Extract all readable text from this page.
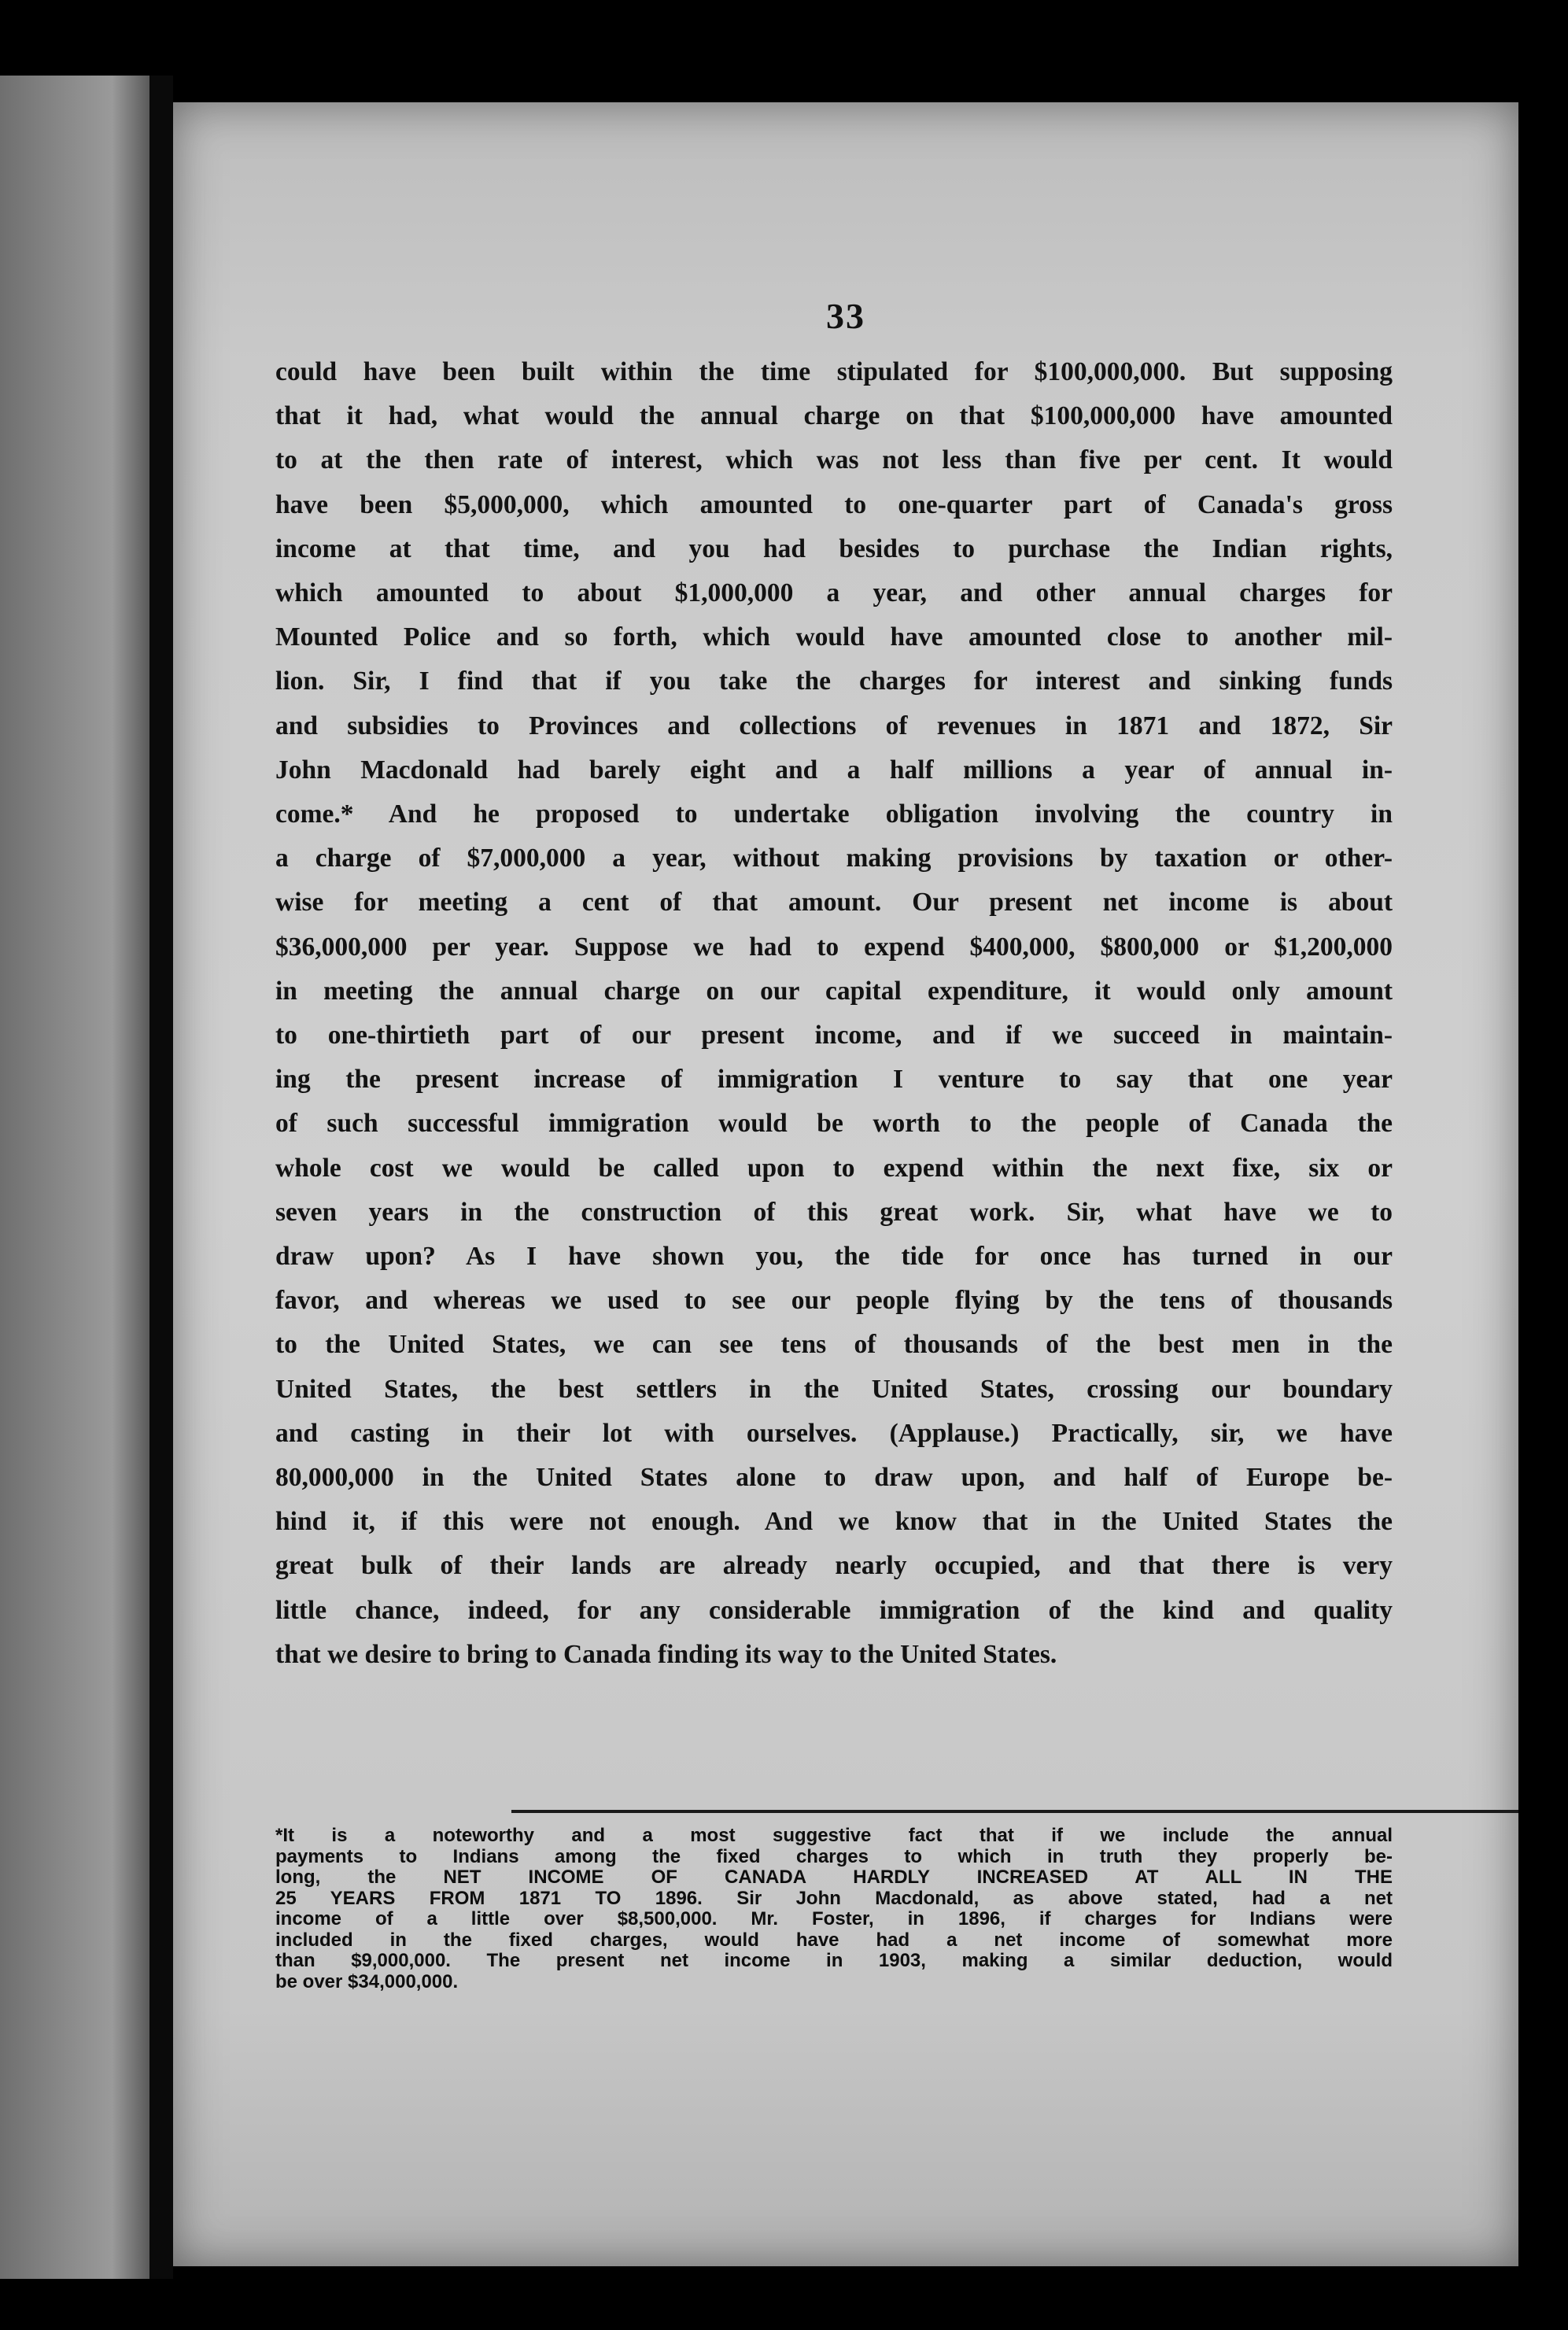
33
could have been built within the time stipulated for $100,000,000. But supposing
that it had, what would the annual charge on that $100,000,000 have amounted
to at the then rate of interest, which was not less than five per cent. It would
have been $5,000,000, which amounted to one-quarter part of Canada's gross
income at that time, and you had besides to purchase the Indian rights,
which amounted to about $1,000,000 a year, and other annual charges for
Mounted Police and so forth, which would have amounted close to another mil-
lion. Sir, I find that if you take the charges for interest and sinking funds
and subsidies to Provinces and collections of revenues in 1871 and 1872, Sir
John Macdonald had barely eight and a half millions a year of annual in-
come.* And he proposed to undertake obligation involving the country in
a charge of $7,000,000 a year, without making provisions by taxation or other-
wise for meeting a cent of that amount. Our present net income is about
$36,000,000 per year. Suppose we had to expend $400,000, $800,000 or $1,200,000
in meeting the annual charge on our capital expenditure, it would only amount
to one-thirtieth part of our present income, and if we succeed in maintain-
ing the present increase of immigration I venture to say that one year
of such successful immigration would be worth to the people of Canada the
whole cost we would be called upon to expend within the next fixe, six or
seven years in the construction of this great work. Sir, what have we to
draw upon? As I have shown you, the tide for once has turned in our
favor, and whereas we used to see our people flying by the tens of thousands
to the United States, we can see tens of thousands of the best men in the
United States, the best settlers in the United States, crossing our boundary
and casting in their lot with ourselves. (Applause.) Practically, sir, we have
80,000,000 in the United States alone to draw upon, and half of Europe be-
hind it, if this were not enough. And we know that in the United States the
great bulk of their lands are already nearly occupied, and that there is very
little chance, indeed, for any considerable immigration of the kind and quality
that we desire to bring to Canada finding its way to the United States.
*It is a noteworthy and a most suggestive fact that if we include the annual
payments to Indians among the fixed charges to which in truth they properly be-
long, the NET INCOME OF CANADA HARDLY INCREASED AT ALL IN THE
25 YEARS FROM 1871 TO 1896. Sir John Macdonald, as above stated, had a net
income of a little over $8,500,000. Mr. Foster, in 1896, if charges for Indians were
included in the fixed charges, would have had a net income of somewhat more
than $9,000,000. The present net income in 1903, making a similar deduction, would
be over $34,000,000.
